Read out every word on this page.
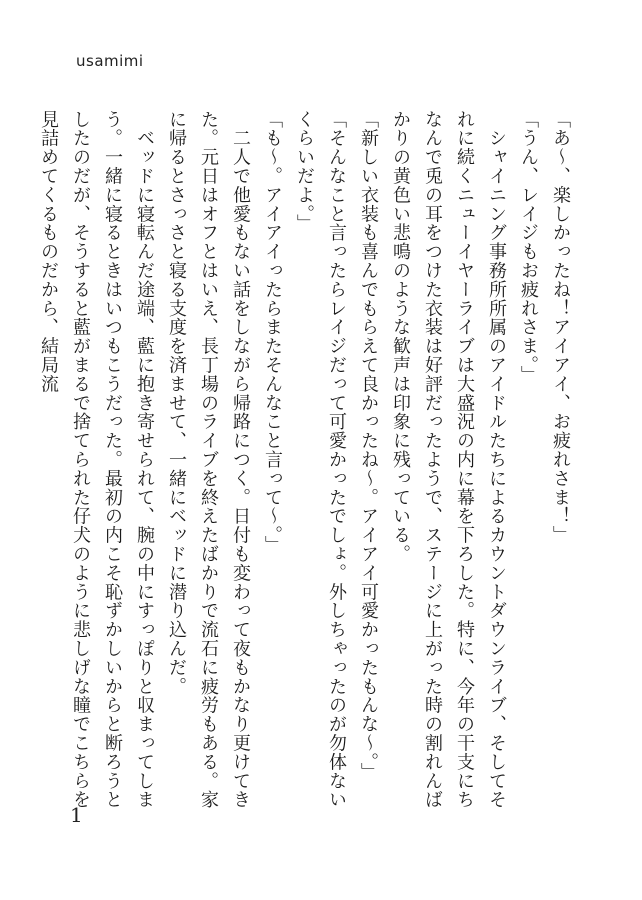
usamimi

「あ～、楽しかったね！アイアイ、お疲れさま！」

「うん、レイジもお疲れさま。」

　シャイニング事務所所属のアイドルたちによるカウントダウンライブ、そしてそれに続くニューイヤーライブは大盛況の内に幕を下ろした。特に、今年の干支にちなんで兎の耳をつけた衣装は好評だったようで、ステージに上がった時の割れんばかりの黄色い悲鳴のような歓声は印象に残っている。

「新しい衣装も喜んでもらえて良かったね～。アイアイ可愛かったもんな～。」

「そんなこと言ったらレイジだって可愛かったでしょ。外しちゃったのが勿体ないくらいだよ。」

「も～。アイアイったらまたそんなこと言って～。」

　二人で他愛もない話をしながら帰路につく。日付も変わって夜もかなり更けてきた。元日はオフとはいえ、長丁場のライブを終えたばかりで流石に疲労もある。家に帰るとさっさと寝る支度を済ませて、一緒にベッドに潜り込んだ。

　ベッドに寝転んだ途端、藍に抱き寄せられて、腕の中にすっぽりと収まってしまう。一緒に寝るときはいつもこうだった。最初の内こそ恥ずかしいからと断ろうとしたのだが、そうすると藍がまるで捨てられた仔犬のように悲しげな瞳でこちらを見詰めてくるものだから、結局流

1
